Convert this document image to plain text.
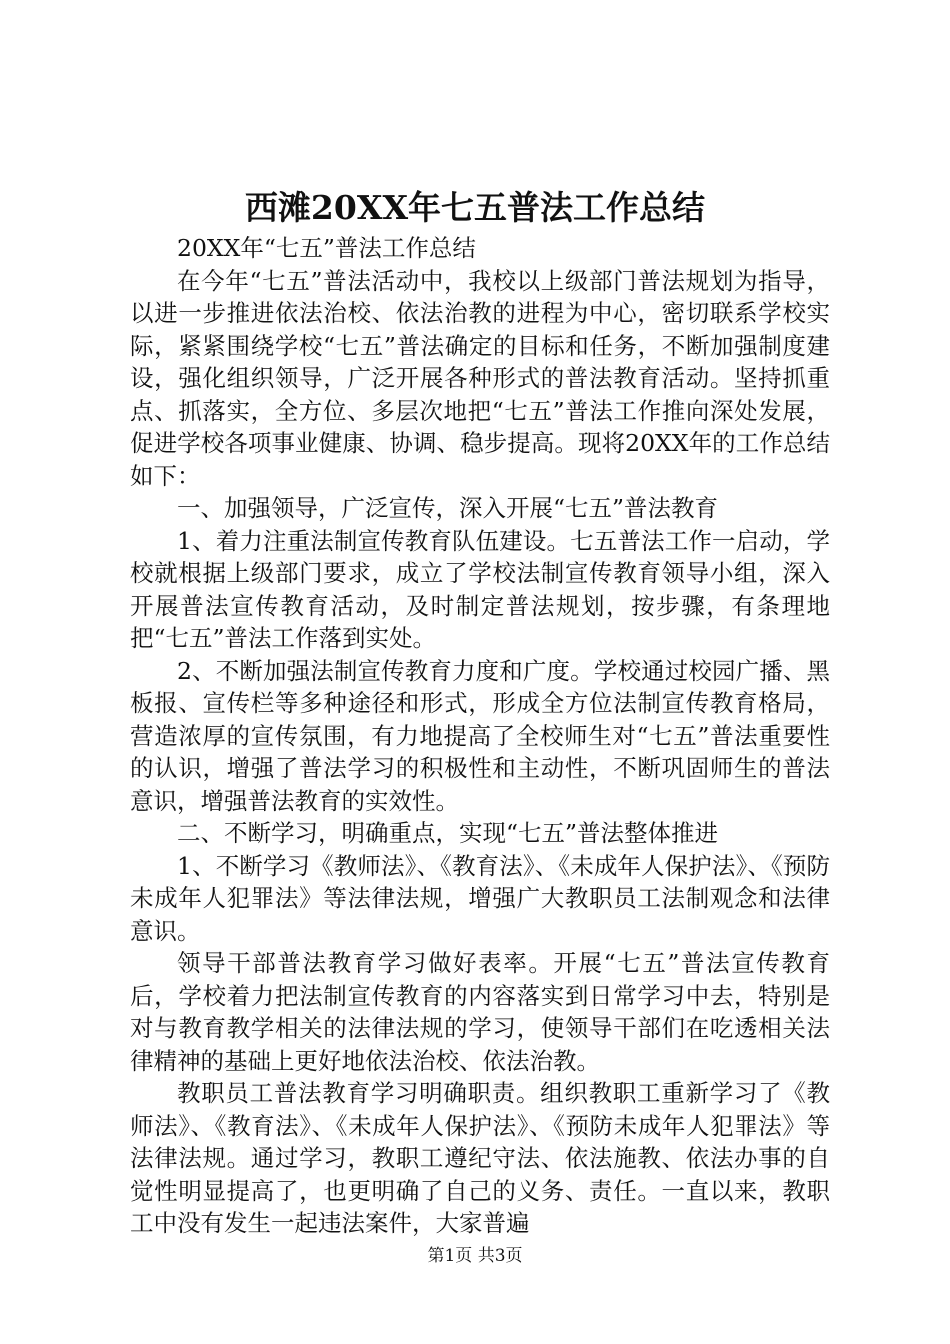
西滩20XX年七五普法工作总结

20XX年“七五”普法工作总结

在今年“七五”普法活动中，我校以上级部门普法规划为指导，以进一步推进依法治校、依法治教的进程为中心，密切联系学校实际，紧紧围绕学校“七五”普法确定的目标和任务，不断加强制度建设，强化组织领导，广泛开展各种形式的普法教育活动。坚持抓重点、抓落实，全方位、多层次地把“七五”普法工作推向深处发展，促进学校各项事业健康、协调、稳步提高。现将20XX年的工作总结如下：

一、加强领导，广泛宣传，深入开展“七五”普法教育

1、着力注重法制宣传教育队伍建设。七五普法工作一启动，学校就根据上级部门要求，成立了学校法制宣传教育领导小组，深入开展普法宣传教育活动，及时制定普法规划，按步骤，有条理地把“七五”普法工作落到实处。

2、不断加强法制宣传教育力度和广度。学校通过校园广播、黑板报、宣传栏等多种途径和形式，形成全方位法制宣传教育格局，营造浓厚的宣传氛围，有力地提高了全校师生对“七五”普法重要性的认识，增强了普法学习的积极性和主动性，不断巩固师生的普法意识，增强普法教育的实效性。

二、不断学习，明确重点，实现“七五”普法整体推进

1、不断学习《教师法》、《教育法》、《未成年人保护法》、《预防未成年人犯罪法》等法律法规，增强广大教职员工法制观念和法律意识。

领导干部普法教育学习做好表率。开展“七五”普法宣传教育后，学校着力把法制宣传教育的内容落实到日常学习中去，特别是对与教育教学相关的法律法规的学习，使领导干部们在吃透相关法律精神的基础上更好地依法治校、依法治教。

教职员工普法教育学习明确职责。组织教职工重新学习了《教师法》、《教育法》、《未成年人保护法》、《预防未成年人犯罪法》等法律法规。通过学习，教职工遵纪守法、依法施教、依法办事的自觉性明显提高了，也更明确了自己的义务、责任。一直以来，教职工中没有发生一起违法案件，大家普遍

第1页 共3页
